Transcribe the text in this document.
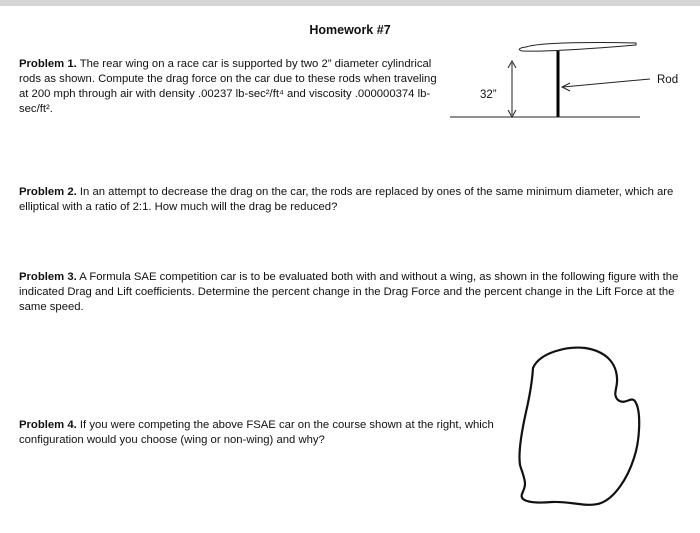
Homework #7
Problem 1. The rear wing on a race car is supported by two 2” diameter cylindrical rods as shown. Compute the drag force on the car due to these rods when traveling at 200 mph through air with density .00237 lb-sec²/ft⁴ and viscosity .000000374 lb-sec/ft².
32”
Rod
Problem 2. In an attempt to decrease the drag on the car, the rods are replaced by ones of the same minimum diameter, which are elliptical with a ratio of 2:1. How much will the drag be reduced?
Problem 3. A Formula SAE competition car is to be evaluated both with and without a wing, as shown in the following figure with the indicated Drag and Lift coefficients. Determine the percent change in the Drag Force and the percent change in the Lift Force at the same speed.
Problem 4. If you were competing the above FSAE car on the course shown at the right, which configuration would you choose (wing or non-wing) and why?
